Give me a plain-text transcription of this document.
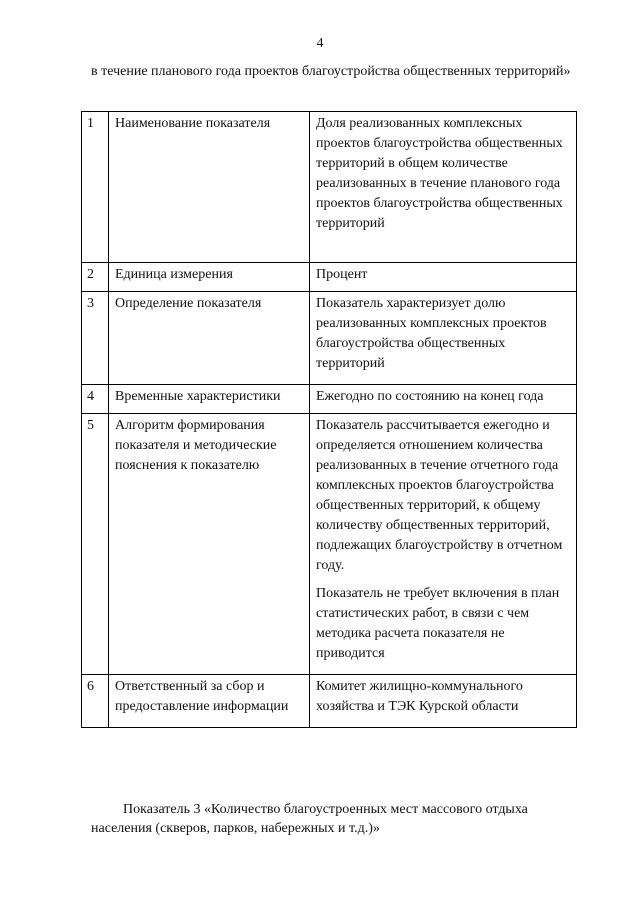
4
в течение планового года проектов благоустройства общественных территорий»
1	Наименование показателя	Доля реализованных комплексных проектов благоустройства общественных территорий в общем количестве реализованных в течение планового года проектов благоустройства общественных территорий

2	Единица измерения	Процент

3	Определение показателя	Показатель характеризует долю реализованных комплексных проектов благоустройства общественных территорий

4	Временные характеристики	Ежегодно по состоянию на конец года

5	Алгоритм формирования показателя и методические пояснения к показателю	Показатель рассчитывается ежегодно и определяется отношением количества реализованных в течение отчетного года комплексных проектов благоустройства общественных территорий, к общему количеству общественных территорий, подлежащих благоустройству в отчетном году.

Показатель не требует включения в план статистических работ, в связи с чем методика расчета показателя не приводится

6	Ответственный за сбор и предоставление информации	Комитет жилищно-коммунального хозяйства и ТЭК Курской области

Показатель 3 «Количество благоустроенных мест массового отдыха населения (скверов, парков, набережных и т.д.)»
